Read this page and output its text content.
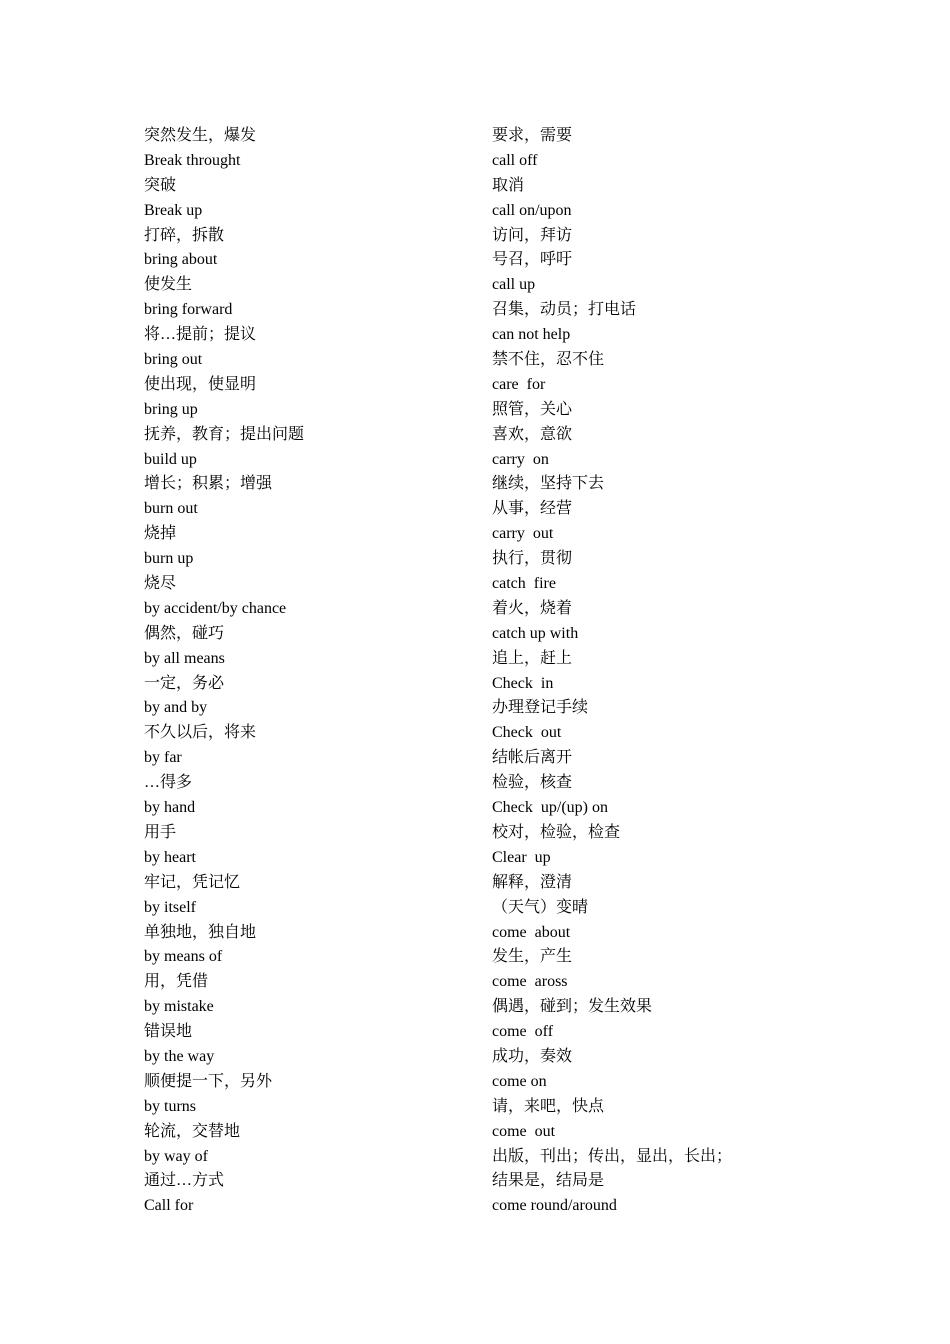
突然发生，爆发
Break throught
突破
Break up
打碎，拆散
bring about
使发生
bring forward
将…提前；提议
bring out
使出现，使显明
bring up
抚养，教育；提出问题
build up
增长；积累；增强
burn out
烧掉
burn up
烧尽
by accident/by chance
偶然，碰巧
by all means
一定，务必
by and by
不久以后，将来
by far
…得多
by hand
用手
by heart
牢记，凭记忆
by itself
单独地，独自地
by means of
用，凭借
by mistake
错误地
by the way
顺便提一下，另外
by turns
轮流，交替地
by way of
通过…方式
Call for
要求，需要
call off
取消
call on/upon
访问，拜访
号召，呼吁
call up
召集，动员；打电话
can not help
禁不住，忍不住
care  for
照管，关心
喜欢，意欲
carry  on
继续，坚持下去
从事，经营
carry  out
执行，贯彻
catch  fire
着火，烧着
catch up with
追上，赶上
Check  in
办理登记手续
Check  out
结帐后离开
检验，核查
Check  up/(up) on
校对，检验，检查
Clear  up
解释，澄清
（天气）变晴
come  about
发生，产生
come  aross
偶遇，碰到；发生效果
come  off
成功，奏效
come on
请，来吧，快点
come  out
出版，刊出；传出，显出，长出；
结果是，结局是
come round/around
